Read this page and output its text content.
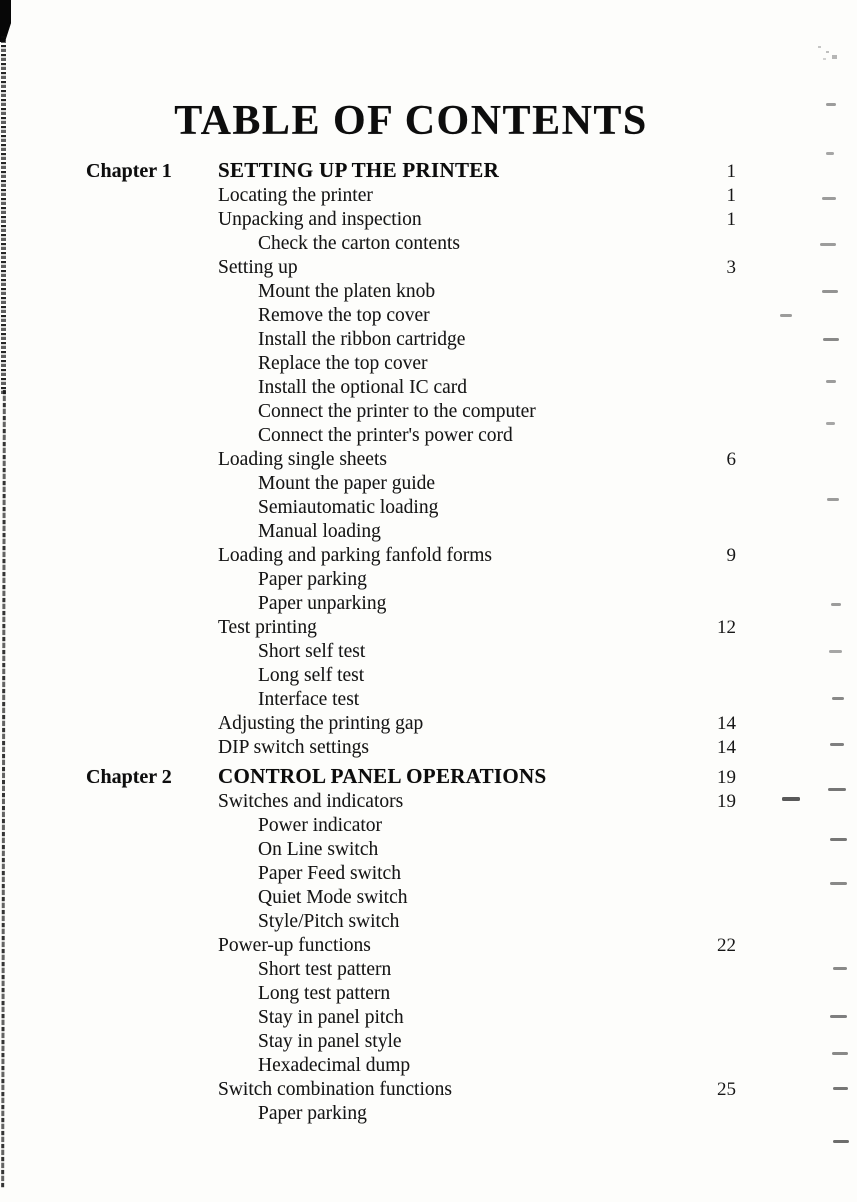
TABLE OF CONTENTS
Chapter 1	SETTING UP THE PRINTER	1
Locating the printer	1
Unpacking and inspection	1
Check the carton contents
Setting up	3
Mount the platen knob
Remove the top cover
Install the ribbon cartridge
Replace the top cover
Install the optional IC card
Connect the printer to the computer
Connect the printer's power cord
Loading single sheets	6
Mount the paper guide
Semiautomatic loading
Manual loading
Loading and parking fanfold forms	9
Paper parking
Paper unparking
Test printing	12
Short self test
Long self test
Interface test
Adjusting the printing gap	14
DIP switch settings	14
Chapter 2	CONTROL PANEL OPERATIONS	19
Switches and indicators	19
Power indicator
On Line switch
Paper Feed switch
Quiet Mode switch
Style/Pitch switch
Power-up functions	22
Short test pattern
Long test pattern
Stay in panel pitch
Stay in panel style
Hexadecimal dump
Switch combination functions	25
Paper parking
